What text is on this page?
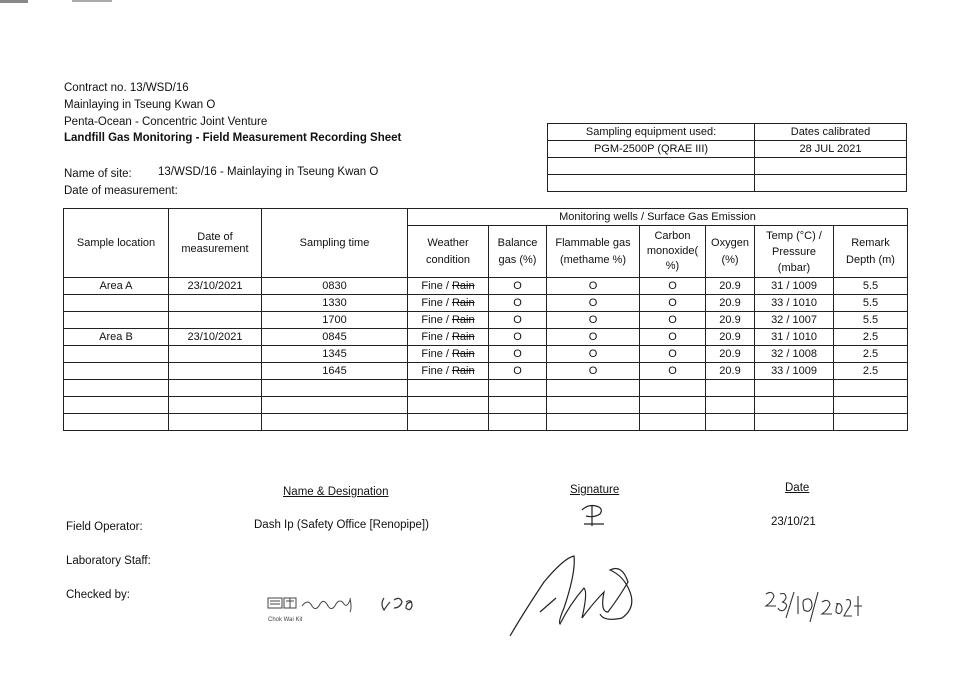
Contract no. 13/WSD/16
Mainlaying in Tseung Kwan O
Penta-Ocean - Concentric Joint Venture
Landfill Gas Monitoring - Field Measurement Recording Sheet
Name of site: 13/WSD/16 - Mainlaying in Tseung Kwan O
Date of measurement:
Sampling equipment used:	Dates calibrated
PGM-2500P (QRAE III)	28 JUL 2021

Sample location	Date of measurement	Sampling time	Monitoring wells / Surface Gas Emission						

			Weather condition	Balance gas (%)	Flammable gas (methame %)	Carbon monoxide( %)	Oxygen (%)	Temp (°C) / Pressure (mbar)	Remark Depth (m)

Area A	23/10/2021	0830	Fine / Rain	O	O	O	20.9	31 / 1009	5.5
		1330	Fine / Rain	O	O	O	20.9	33 / 1010	5.5
		1700	Fine / Rain	O	O	O	20.9	32 / 1007	5.5
Area B	23/10/2021	0845	Fine / Rain	O	O	O	20.9	31 / 1010	2.5
		1345	Fine / Rain	O	O	O	20.9	32 / 1008	2.5
		1645	Fine / Rain	O	O	O	20.9	33 / 1009	2.5

Name & Designation	Signature	Date
Field Operator:	Dash Ip (Safety Office [Renopipe])	23/10/21
Laboratory Staff:
Checked by:
Chok Wai Kit
